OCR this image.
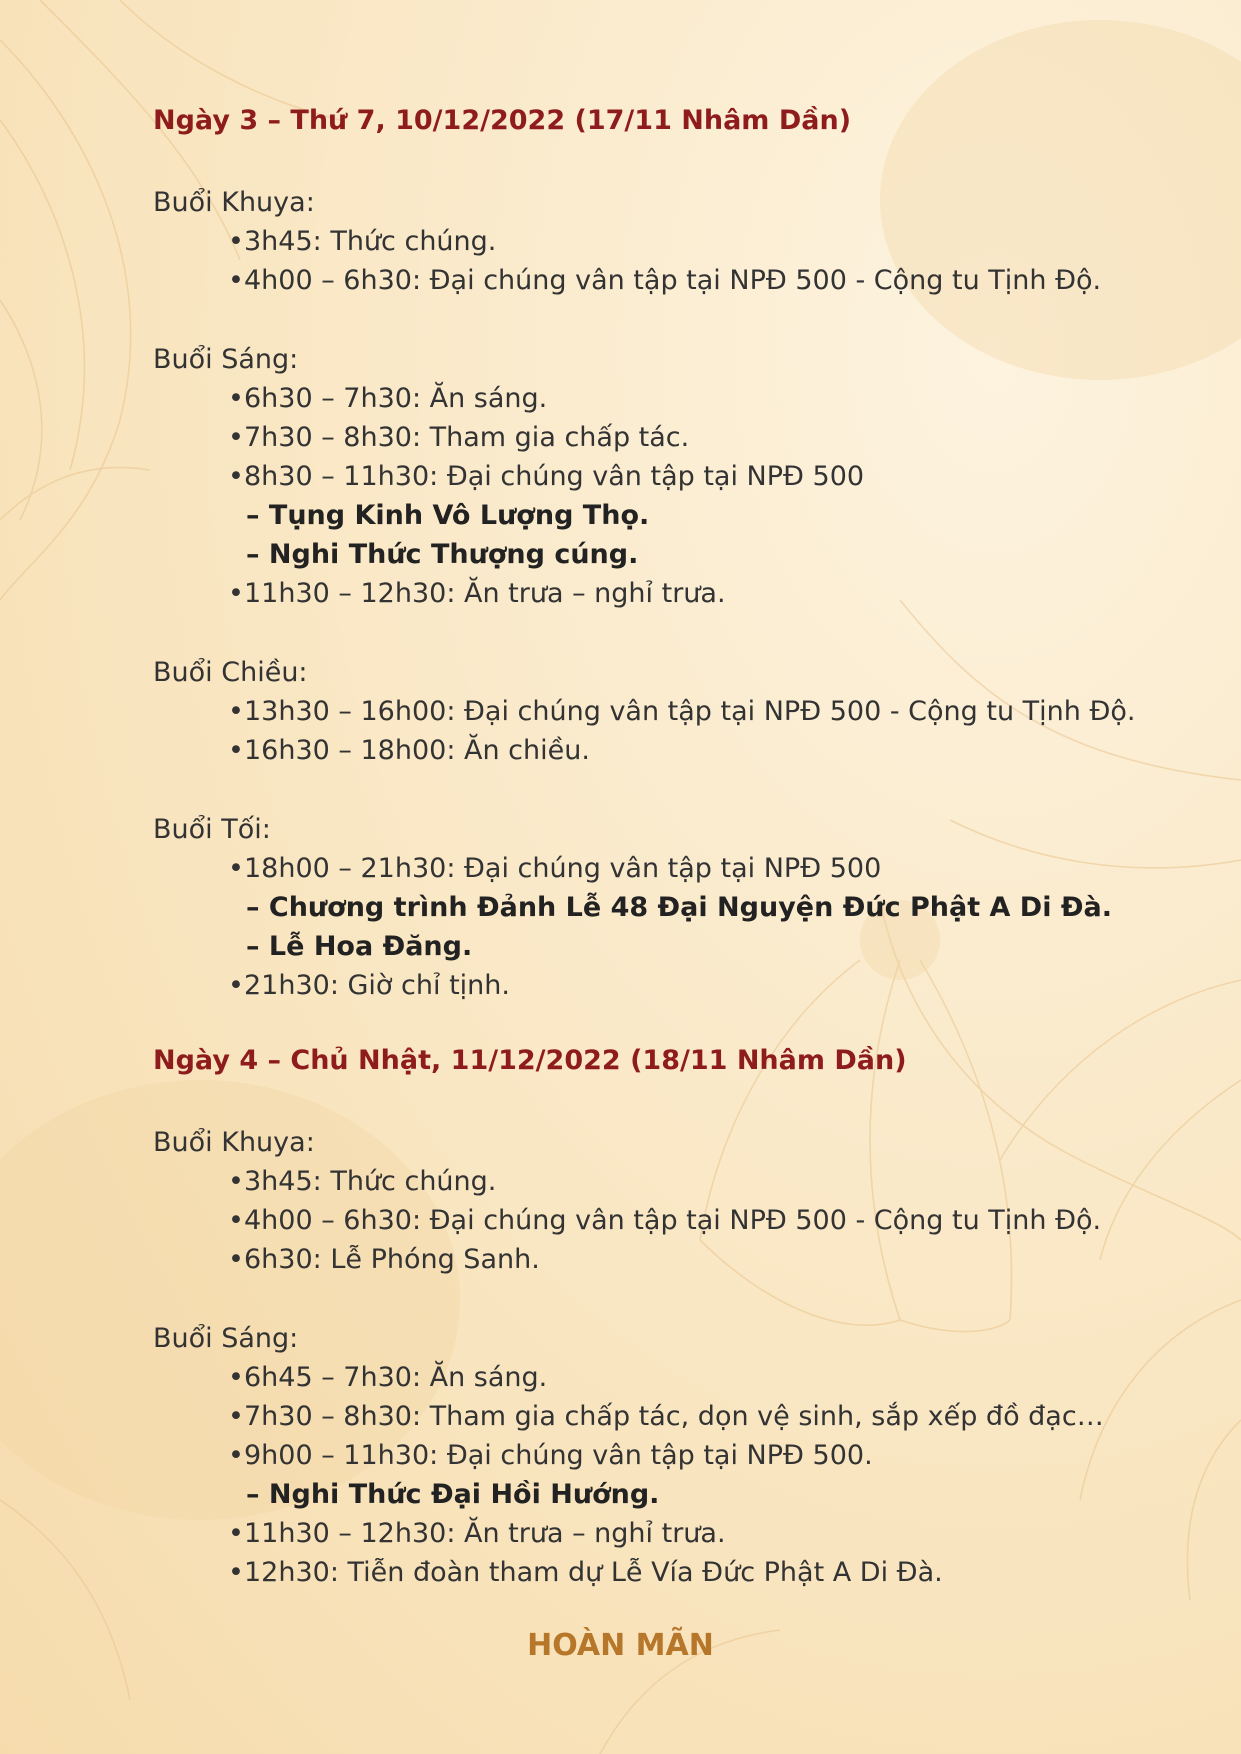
Ngày 3 – Thứ 7, 10/12/2022 (17/11 Nhâm Dần)

Buổi Khuya:

•3h45: Thức chúng.

•4h00 – 6h30: Đại chúng vân tập tại NPĐ 500 - Cộng tu Tịnh Độ.

Buổi Sáng:

•6h30 – 7h30: Ăn sáng.

•7h30 – 8h30: Tham gia chấp tác.

•8h30 – 11h30: Đại chúng vân tập tại NPĐ 500

– Tụng Kinh Vô Lượng Thọ.

– Nghi Thức Thượng cúng.

•11h30 – 12h30: Ăn trưa – nghỉ trưa.

Buổi Chiều:

•13h30 – 16h00: Đại chúng vân tập tại NPĐ 500 - Cộng tu Tịnh Độ.

•16h30 – 18h00: Ăn chiều.

Buổi Tối:

•18h00 – 21h30: Đại chúng vân tập tại NPĐ 500

– Chương trình Đảnh Lễ 48 Đại Nguyện Đức Phật A Di Đà.

– Lễ Hoa Đăng.

•21h30: Giờ chỉ tịnh.

Ngày 4 – Chủ Nhật, 11/12/2022 (18/11 Nhâm Dần)

Buổi Khuya:

•3h45: Thức chúng.

•4h00 – 6h30: Đại chúng vân tập tại NPĐ 500 - Cộng tu Tịnh Độ.

•6h30: Lễ Phóng Sanh.

Buổi Sáng:

•6h45 – 7h30: Ăn sáng.

•7h30 – 8h30: Tham gia chấp tác, dọn vệ sinh, sắp xếp đồ đạc…

•9h00 – 11h30: Đại chúng vân tập tại NPĐ 500.

– Nghi Thức Đại Hồi Hướng.

•11h30 – 12h30: Ăn trưa – nghỉ trưa.

•12h30: Tiễn đoàn tham dự Lễ Vía Đức Phật A Di Đà.

HOÀN MÃN
